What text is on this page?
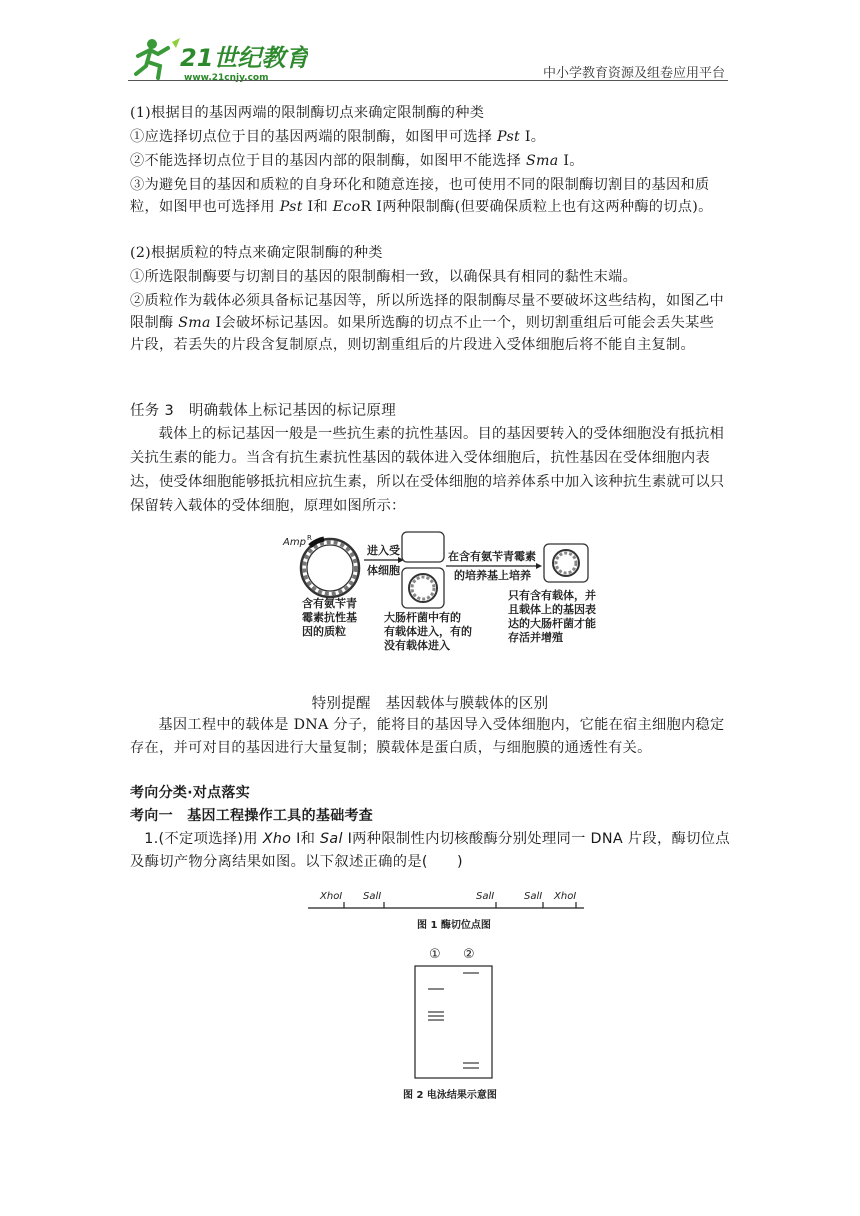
21世纪教育
www.21cnjy.com	中小学教育资源及组卷应用平台
(1)根据目的基因两端的限制酶切点来确定限制酶的种类
①应选择切点位于目的基因两端的限制酶，如图甲可选择 Pst Ⅰ。
②不能选择切点位于目的基因内部的限制酶，如图甲不能选择 Sma Ⅰ。
③为避免目的基因和质粒的自身环化和随意连接，也可使用不同的限制酶切割目的基因和质粒，如图甲也可选择用 Pst Ⅰ和 EcoR Ⅰ两种限制酶(但要确保质粒上也有这两种酶的切点)。
(2)根据质粒的特点来确定限制酶的种类
①所选限制酶要与切割目的基因的限制酶相一致，以确保具有相同的黏性末端。
②质粒作为载体必须具备标记基因等，所以所选择的限制酶尽量不要破坏这些结构，如图乙中限制酶 Sma Ⅰ会破坏标记基因。如果所选酶的切点不止一个，则切割重组后可能会丢失某些片段，若丢失的片段含复制原点，则切割重组后的片段进入受体细胞后将不能自主复制。
任务 3　明确载体上标记基因的标记原理
载体上的标记基因一般是一些抗生素的抗性基因。目的基因要转入的受体细胞没有抵抗相关抗生素的能力。当含有抗生素抗性基因的载体进入受体细胞后，抗性基因在受体细胞内表达，使受体细胞能够抵抗相应抗生素，所以在受体细胞的培养体系中加入该种抗生素就可以只保留转入载体的受体细胞，原理如图所示：
Amp R
进入受
体细胞
在含有氨苄青霉素
的培养基上培养
含有氨苄青 霉素抗性基 因的质粒
大肠杆菌中有的 有载体进入，有的 没有载体进入
只有含有载体，并 且载体上的基因表 达的大肠杆菌才能 存活并增殖
特别提醒　基因载体与膜载体的区别
基因工程中的载体是 DNA 分子，能将目的基因导入受体细胞内，它能在宿主细胞内稳定存在，并可对目的基因进行大量复制；膜载体是蛋白质，与细胞膜的通透性有关。
考向分类·对点落实
考向一　基因工程操作工具的基础考查
1.(不定项选择)用 Xho Ⅰ和 Sal Ⅰ两种限制性内切核酸酶分别处理同一 DNA 片段，酶切位点及酶切产物分离结果如图。以下叙述正确的是(　　)
XhoⅠ SalⅠ	SalⅠ	SalⅠ XhoⅠ
图 1 酶切位点图
① ②
图 2 电泳结果示意图
